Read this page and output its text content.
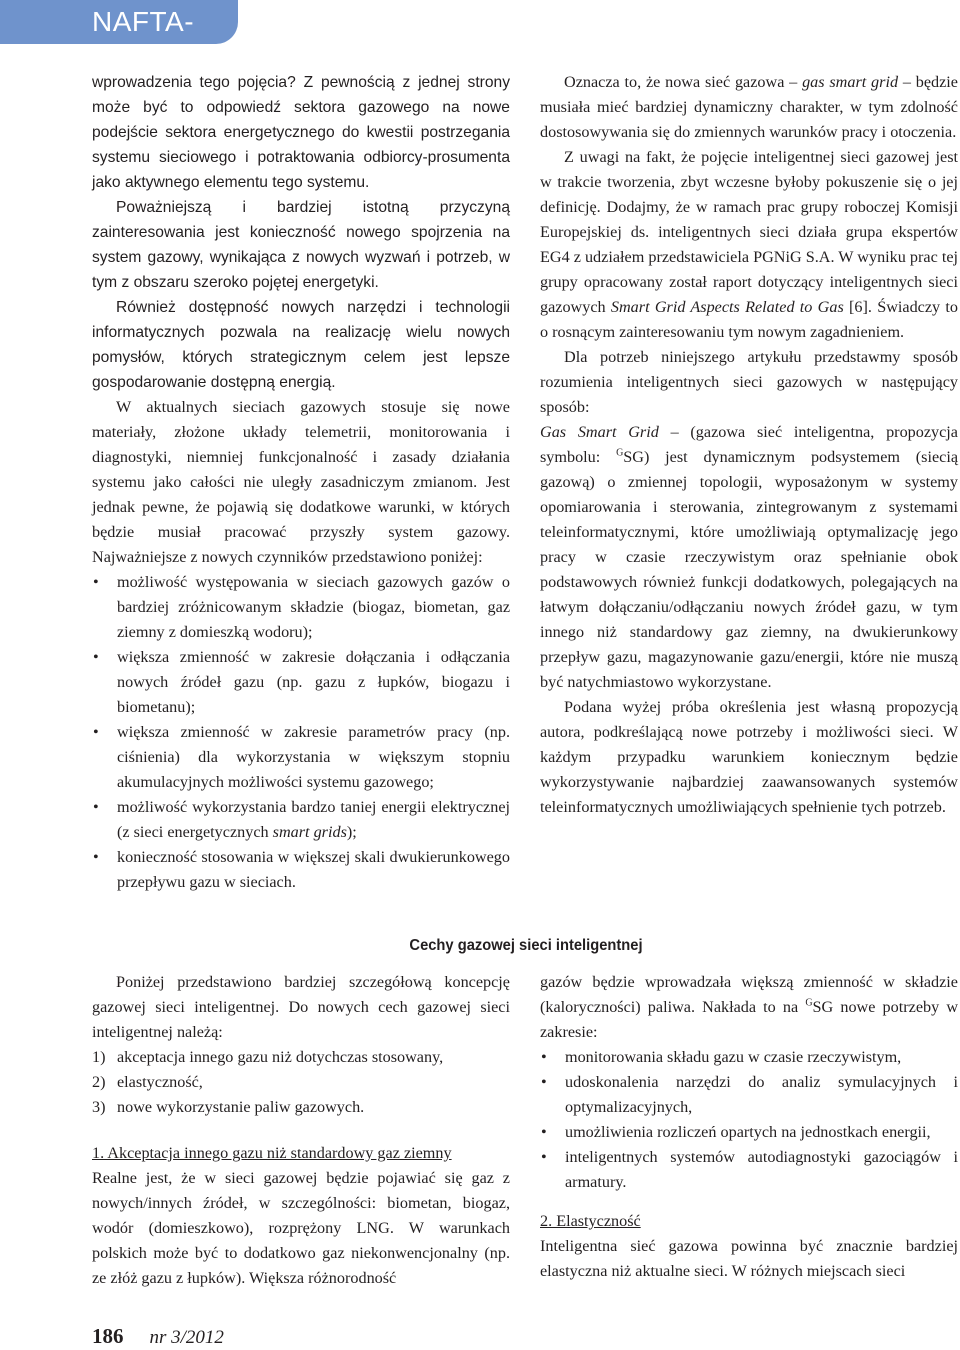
NAFTA-GAZ

wprowadzenia tego pojęcia? Z pewnością z jednej strony może być to odpowiedź sektora gazowego na nowe podejście sektora energetycznego do kwestii postrzegania systemu sieciowego i potraktowania odbiorcy-prosumenta jako aktywnego elementu tego systemu.

Poważniejszą i bardziej istotną przyczyną zainteresowania jest konieczność nowego spojrzenia na system gazowy, wynikająca z nowych wyzwań i potrzeb, w tym z obszaru szeroko pojętej energetyki.

Również dostępność nowych narzędzi i technologii informatycznych pozwala na realizację wielu nowych pomysłów, których strategicznym celem jest lepsze gospodarowanie dostępną energią.

W aktualnych sieciach gazowych stosuje się nowe materiały, złożone układy telemetrii, monitorowania i diagnostyki, niemniej funkcjonalność i zasady działania systemu jako całości nie uległy zasadniczym zmianom. Jest jednak pewne, że pojawią się dodatkowe warunki, w których będzie musiał pracować przyszły system gazowy. Najważniejsze z nowych czynników przedstawiono poniżej:

• możliwość występowania w sieciach gazowych gazów o bardziej zróżnicowanym składzie (biogaz, biometan, gaz ziemny z domieszką wodoru);
• większa zmienność w zakresie dołączania i odłączania nowych źródeł gazu (np. gazu z łupków, biogazu i biometanu);
• większa zmienność w zakresie parametrów pracy (np. ciśnienia) dla wykorzystania w większym stopniu akumulacyjnych możliwości systemu gazowego;
• możliwość wykorzystania bardzo taniej energii elektrycznej (z sieci energetycznych smart grids);
• konieczność stosowania w większej skali dwukierunkowego przepływu gazu w sieciach.

Oznacza to, że nowa sieć gazowa – gas smart grid – będzie musiała mieć bardziej dynamiczny charakter, w tym zdolność dostosowywania się do zmiennych warunków pracy i otoczenia.

Z uwagi na fakt, że pojęcie inteligentnej sieci gazowej jest w trakcie tworzenia, zbyt wczesne byłoby pokuszenie się o jej definicję. Dodajmy, że w ramach prac grupy roboczej Komisji Europejskiej ds. inteligentnych sieci działa grupa ekspertów EG4 z udziałem przedstawiciela PGNiG S.A. W wyniku prac tej grupy opracowany został raport dotyczący inteligentnych sieci gazowych Smart Grid Aspects Related to Gas [6]. Świadczy to o rosnącym zainteresowaniu tym nowym zagadnieniem.

Dla potrzeb niniejszego artykułu przedstawmy sposób rozumienia inteligentnych sieci gazowych w następujący sposób:

Gas Smart Grid – (gazowa sieć inteligentna, propozycja symbolu: $^G$SG) jest dynamicznym podsystemem (siecią gazową) o zmiennej topologii, wyposażonym w systemy opomiarowania i sterowania, zintegrowanym z systemami teleinformatycznymi, które umożliwiają optymalizację jego pracy w czasie rzeczywistym oraz spełnianie obok podstawowych również funkcji dodatkowych, polegających na łatwym dołączaniu/odłączaniu nowych źródeł gazu, w tym innego niż standardowy gaz ziemny, na dwukierunkowy przepływ gazu, magazynowanie gazu/energii, które nie muszą być natychmiastowo wykorzystane.

Podana wyżej próba określenia jest własną propozycją autora, podkreślającą nowe potrzeby i możliwości sieci. W każdym przypadku warunkiem koniecznym będzie wykorzystywanie najbardziej zaawansowanych systemów teleinformatycznych umożliwiających spełnienie tych potrzeb.

Cechy gazowej sieci inteligentnej

Poniżej przedstawiono bardziej szczegółową koncepcję gazowej sieci inteligentnej. Do nowych cech gazowej sieci inteligentnej należą:

1) akceptacja innego gazu niż dotychczas stosowany,
2) elastyczność,
3) nowe wykorzystanie paliw gazowych.

1. Akceptacja innego gazu niż standardowy gaz ziemny

Realne jest, że w sieci gazowej będzie pojawiać się gaz z nowych/innych źródeł, w szczególności: biometan, biogaz, wodór (domieszkowo), rozprężony LNG. W warunkach polskich może być to dodatkowo gaz niekonwencjonalny (np. ze złóż gazu z łupków). Większa różnorodność

gazów będzie wprowadzała większą zmienność w składzie (kaloryczności) paliwa. Nakłada to na $^G$SG nowe potrzeby w zakresie:

• monitorowania składu gazu w czasie rzeczywistym,
• udoskonalenia narzędzi do analiz symulacyjnych i optymalizacyjnych,
• umożliwienia rozliczeń opartych na jednostkach energii,
• inteligentnych systemów autodiagnostyki gazociągów i armatury.

2. Elastyczność

Inteligentna sieć gazowa powinna być znacznie bardziej elastyczna niż aktualne sieci. W różnych miejscach sieci

186 nr 3/2012
